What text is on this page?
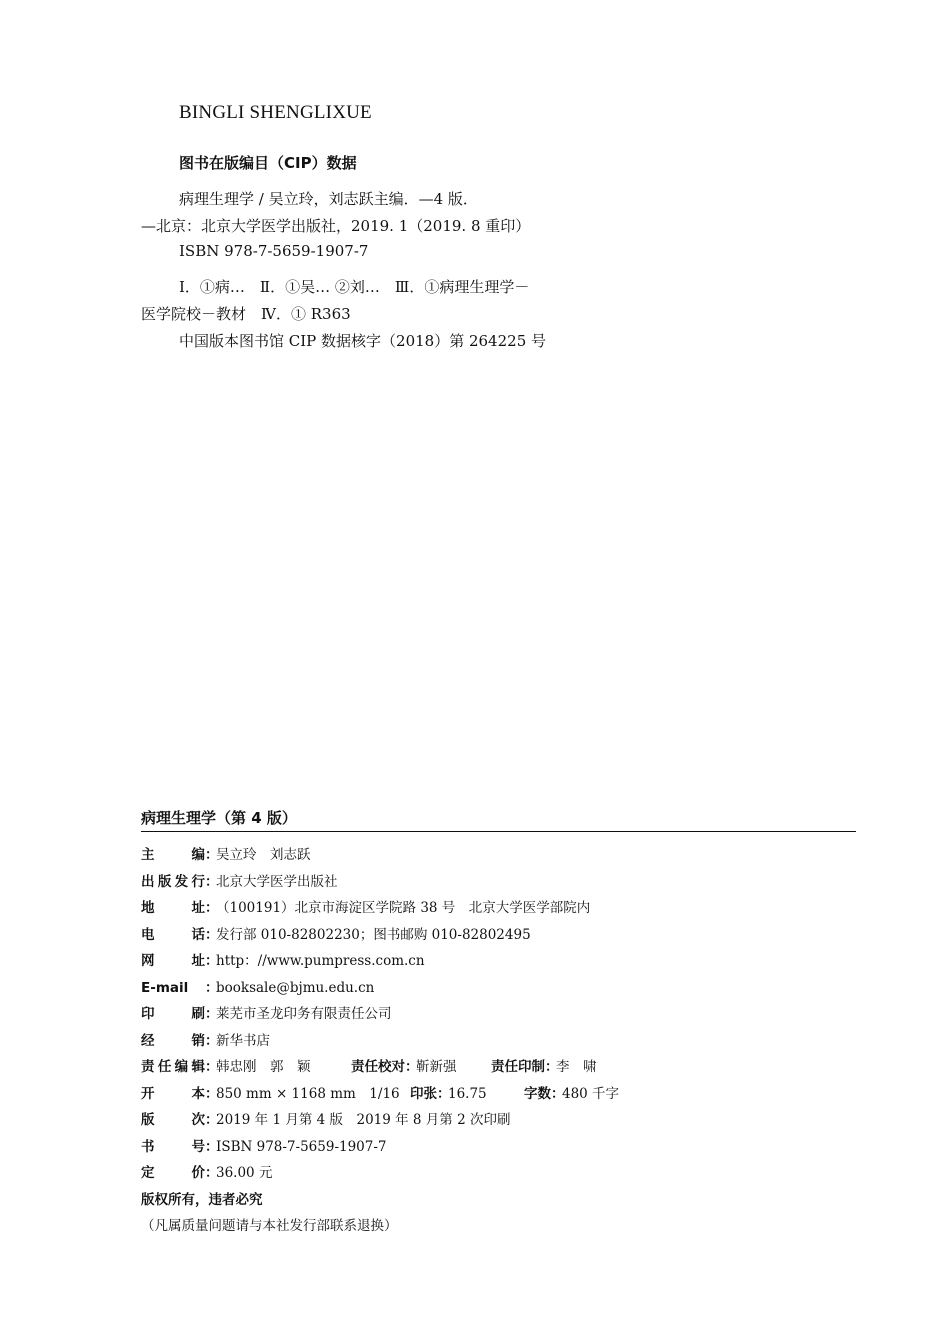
BINGLI SHENGLIXUE
图书在版编目（CIP）数据
病理生理学 / 吴立玲，刘志跃主编．—4 版．
—北京：北京大学医学出版社，2019. 1（2019. 8 重印）
ISBN 978-7-5659-1907-7
Ⅰ．①病…　Ⅱ．①吴… ②刘…　Ⅲ．①病理生理学－
医学院校－教材　Ⅳ．① R363
中国版本图书馆 CIP 数据核字（2018）第 264225 号
病理生理学（第 4 版）
主编 ：
吴立玲　刘志跃
出版发行 ：
北京大学医学出版社
地址 ：
（100191）北京市海淀区学院路 38 号　北京大学医学部院内
电话 ：
发行部 010-82802230；图书邮购 010-82802495
网址 ：
http：//www.pumpress.com.cn
E-mail	：
booksale@bjmu.edu.cn
印刷 ：
莱芜市圣龙印务有限责任公司
经销 ：
新华书店
责任编辑 ：
韩忠刚　郭　颖	责任校对 ：
靳新强	责任印制 ：
李　啸
开本 ：
850 mm × 1168 mm　1/16 印张 ：
16.75	字数 ：
480 千字
版次 ：
2019 年 1 月第 4 版　2019 年 8 月第 2 次印刷
书号 ：
ISBN 978-7-5659-1907-7
定价 ：
36.00 元
版权所有，违者必究
（凡属质量问题请与本社发行部联系退换）
